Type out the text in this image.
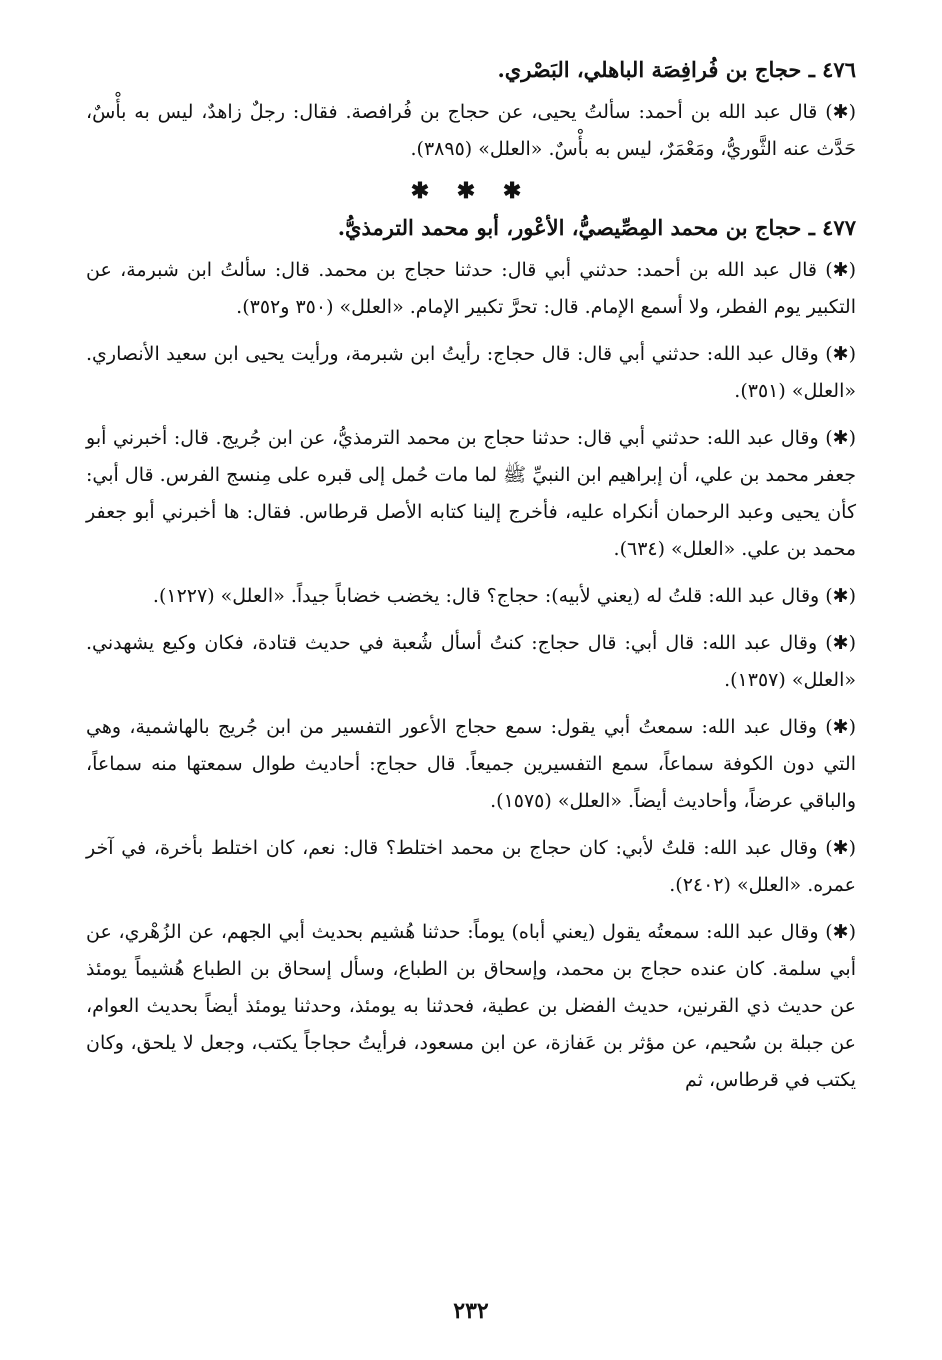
٤٧٦ ـ حجاج بن فُرافِصَة الباهلي، البَصْري.
(✱) قال عبد الله بن أحمد: سألتُ يحيى، عن حجاج بن فُرافصة. فقال: رجلٌ زاهدٌ، ليس به بأْسٌ، حَدَّث عنه الثَّوريُّ، ومَعْمَرٌ، ليس به بأْسٌ. «العلل» (٣٨٩٥).
✱ ✱ ✱
٤٧٧ ـ حجاج بن محمد المِصِّيصيُّ، الأعْور، أبو محمد الترمذيُّ.
(✱) قال عبد الله بن أحمد: حدثني أبي قال: حدثنا حجاج بن محمد. قال: سألتُ ابن شبرمة، عن التكبير يوم الفطر، ولا أسمع الإمام. قال: تحرَّ تكبير الإمام. «العلل» (٣٥٠ و٣٥٢).
(✱) وقال عبد الله: حدثني أبي قال: قال حجاج: رأيتُ ابن شبرمة، ورأيت يحيى ابن سعيد الأنصاري. «العلل» (٣٥١).
(✱) وقال عبد الله: حدثني أبي قال: حدثنا حجاج بن محمد الترمذيُّ، عن ابن جُريج. قال: أخبرني أبو جعفر محمد بن علي، أن إبراهيم ابن النبيِّ ﷺ لما مات حُمل إلى قبره على مِنسج الفرس. قال أبي: كأن يحيى وعبد الرحمان أنكراه عليه، فأخرج إلينا كتابه الأصل قرطاس. فقال: ها أخبرني أبو جعفر محمد بن علي. «العلل» (٦٣٤).
(✱) وقال عبد الله: قلتُ له (يعني لأبيه): حجاج؟ قال: يخضب خضاباً جيداً. «العلل» (١٢٢٧).
(✱) وقال عبد الله: قال أبي: قال حجاج: كنتُ أسأل شُعبة في حديث قتادة، فكان وكيع يشهدني. «العلل» (١٣٥٧).
(✱) وقال عبد الله: سمعتُ أبي يقول: سمع حجاج الأعور التفسير من ابن جُريج بالهاشمية، وهي التي دون الكوفة سماعاً، سمع التفسيرين جميعاً. قال حجاج: أحاديث طوال سمعتها منه سماعاً، والباقي عرضاً، وأحاديث أيضاً. «العلل» (١٥٧٥).
(✱) وقال عبد الله: قلتُ لأبي: كان حجاج بن محمد اختلط؟ قال: نعم، كان اختلط بأخرة، في آخر عمره. «العلل» (٢٤٠٢).
(✱) وقال عبد الله: سمعتُه يقول (يعني أباه) يوماً: حدثنا هُشيم بحديث أبي الجهم، عن الزُهْري، عن أبي سلمة. كان عنده حجاج بن محمد، وإسحاق بن الطباع، وسأل إسحاق بن الطباع هُشيماً يومئذ عن حديث ذي القرنين، حديث الفضل بن عطية، فحدثنا به يومئذ، وحدثنا يومئذ أيضاً بحديث العوام، عن جبلة بن سُحيم، عن مؤثر بن عَفازة، عن ابن مسعود، فرأيتُ حجاجاً يكتب، وجعل لا يلحق، وكان يكتب في قرطاس، ثم
٢٣٢
